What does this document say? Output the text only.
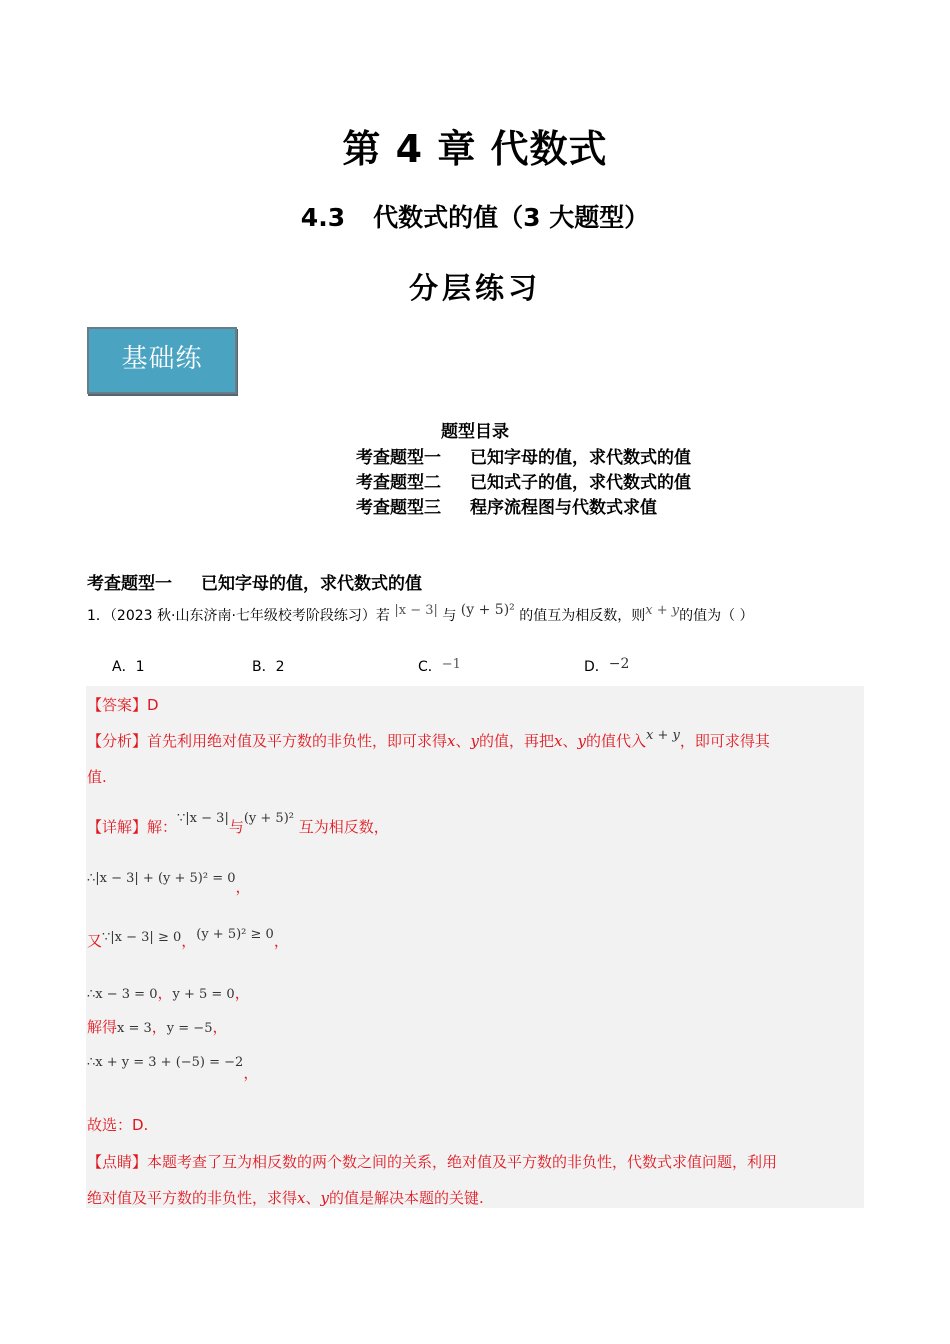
第 4 章 代数式
4.3 代数式的值（3 大题型）
分层练习
基础练
题型目录
考查题型一 已知字母的值，求代数式的值
考查题型二 已知式子的值，求代数式的值
考查题型三 程序流程图与代数式求值
考查题型一 已知字母的值，求代数式的值
1．（2023 秋·山东济南·七年级校考阶段练习）若 |x − 3| 与 (y + 5)² 的值互为相反数，则x + y的值为（ ）
A．1	B．2	C．−1	D．−2
【答案】D
【分析】首先利用绝对值及平方数的非负性，即可求得x、y的值，再把x、y的值代入x + y，即可求得其
值.
【详解】解：∵|x − 3|与(y + 5)² 互为相反数，
∴|x − 3| + (y + 5)² = 0，
又∵|x − 3| ≥ 0，(y + 5)² ≥ 0，
∴x − 3 = 0，y + 5 = 0，
解得x = 3，y = −5，
∴x + y = 3 + (−5) = −2，
故选：D.
【点睛】本题考查了互为相反数的两个数之间的关系，绝对值及平方数的非负性，代数式求值问题，利用
绝对值及平方数的非负性，求得x、y的值是解决本题的关键.
